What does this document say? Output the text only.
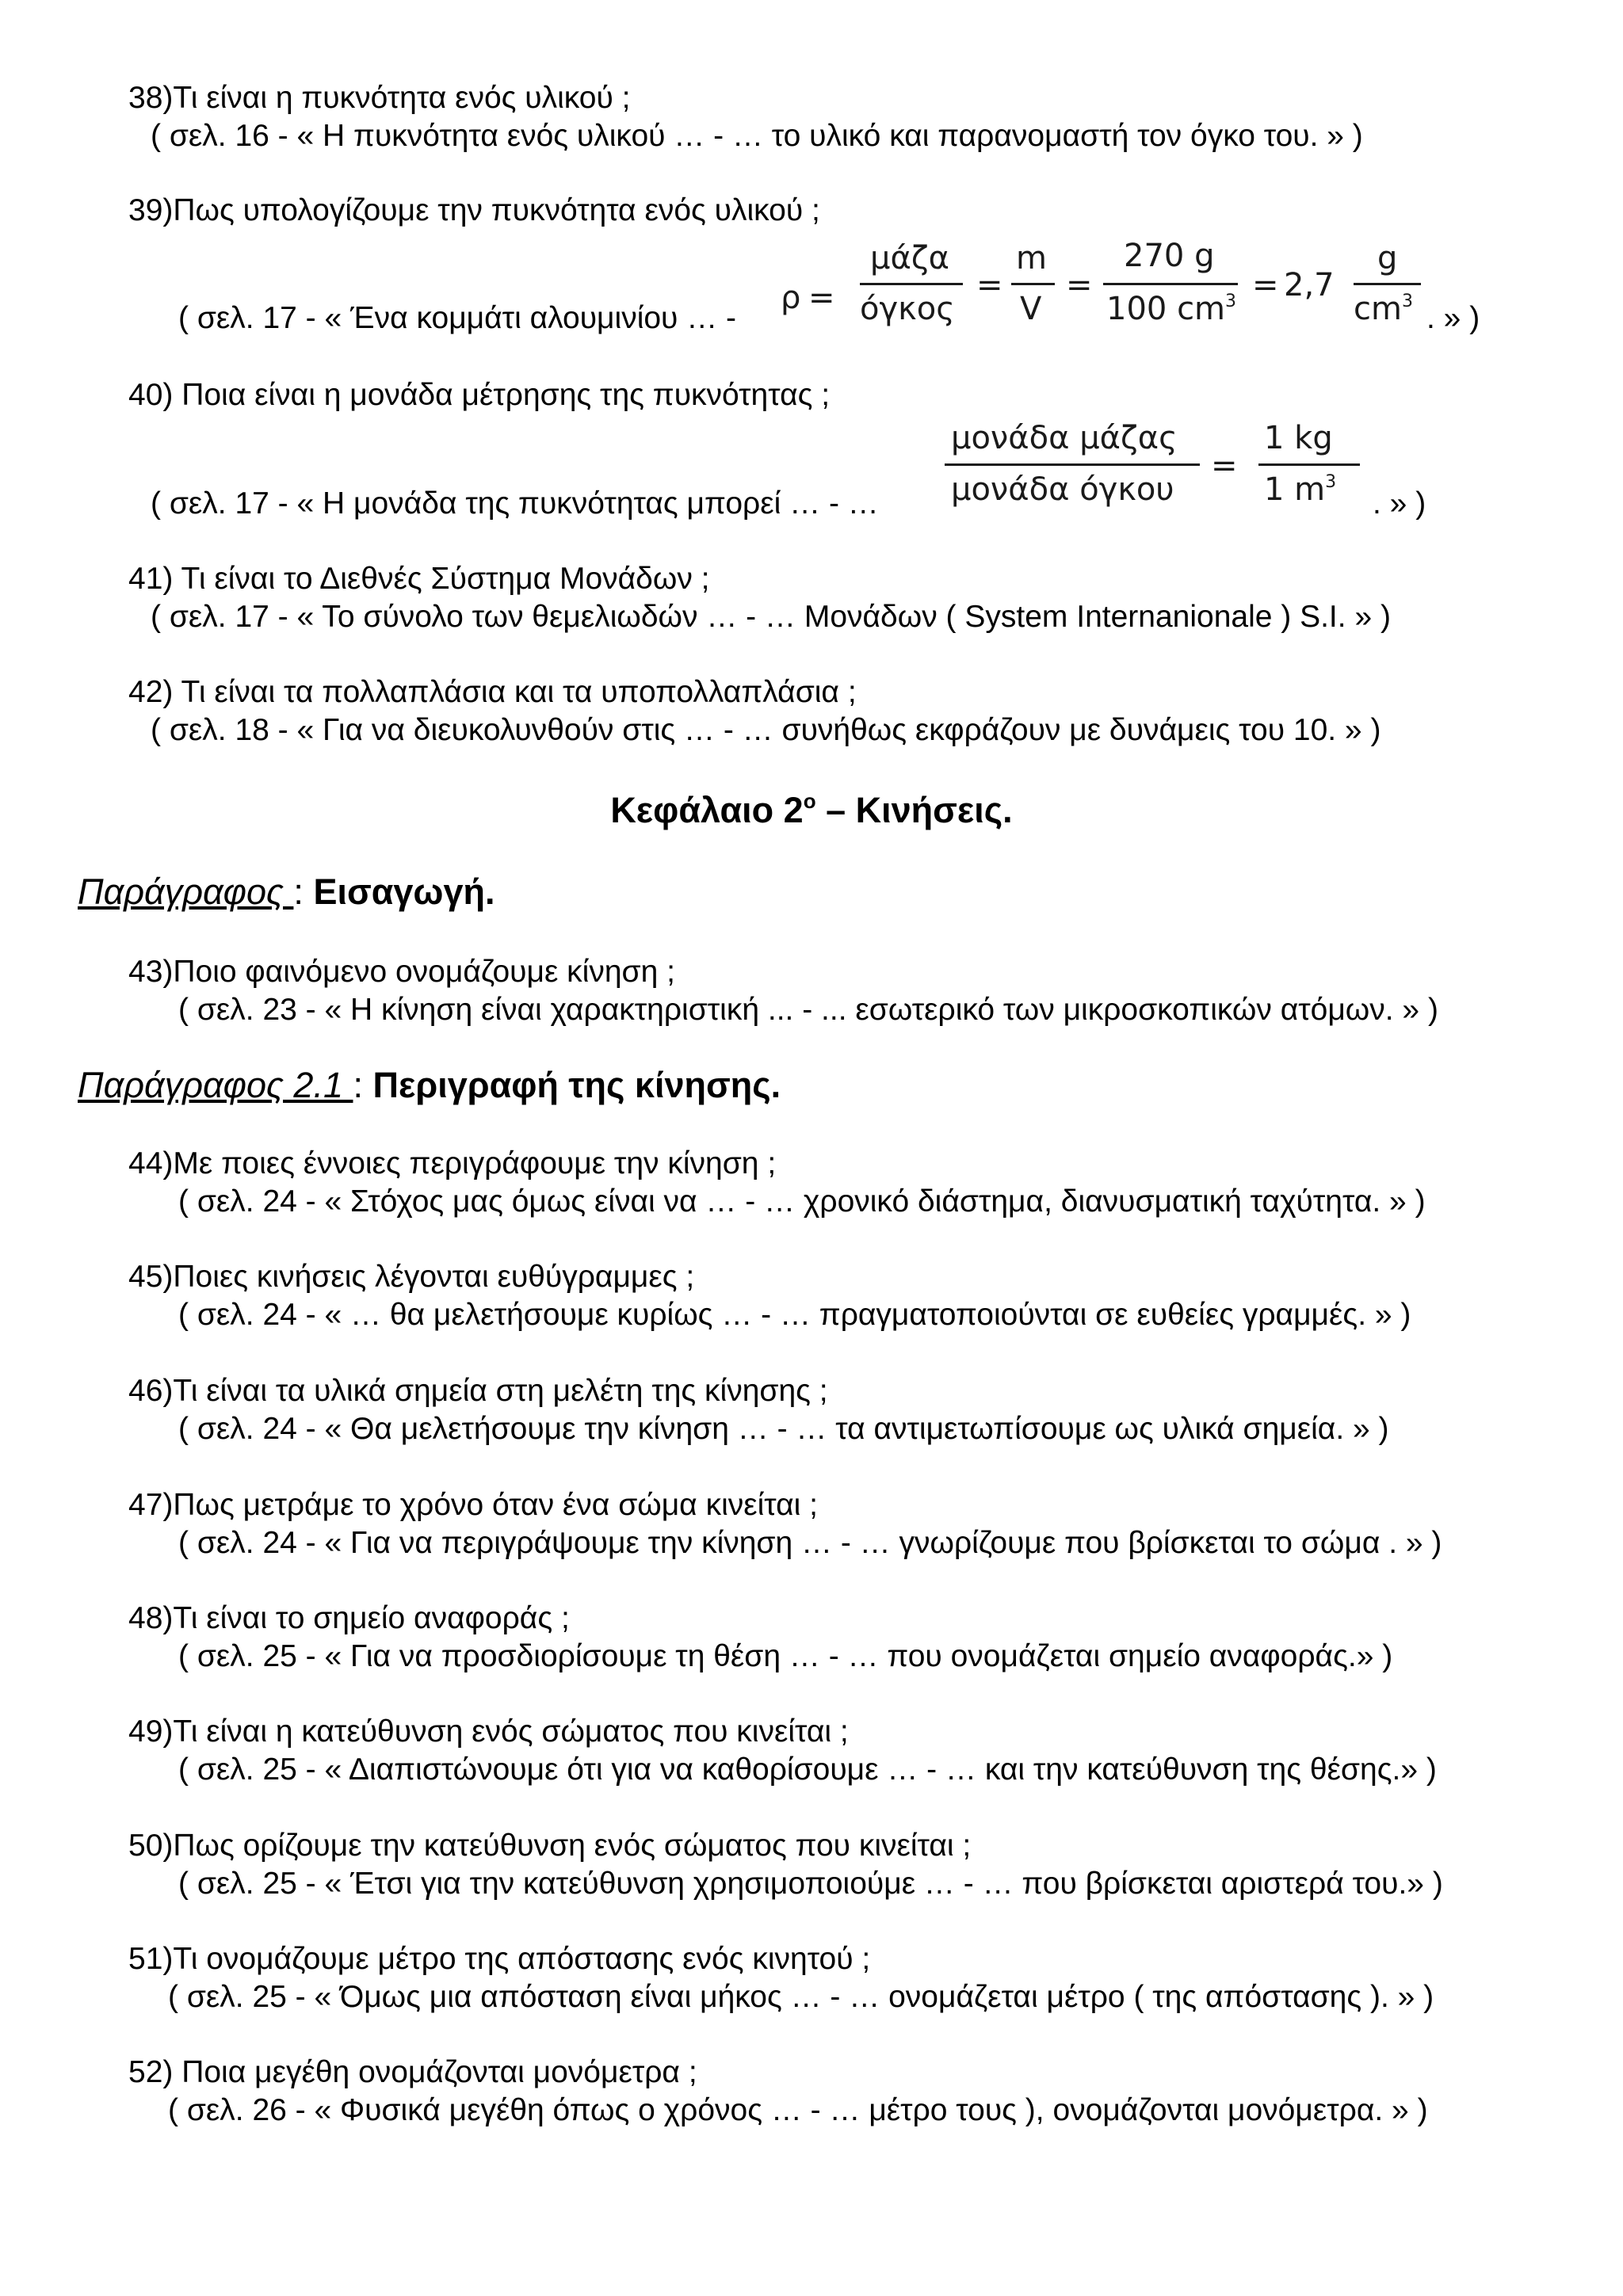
38)Τι είναι η πυκνότητα ενός υλικού ;
( σελ. 16 - « Η πυκνότητα ενός υλικού … - … το υλικό και παρανομαστή τον όγκο του. » )
39)Πως υπολογίζουμε την πυκνότητα ενός υλικού ;
( σελ. 17 - « Ένα κομμάτι αλουμινίου … -
ρ =
μάζα
όγκος
=
m
V
=
270 g
100 $cm^3 = 2,7$
g
$cm^3$ . » )
40) Ποια είναι η μονάδα μέτρησης της πυκνότητας ;
( σελ. 17 - « Η μονάδα της πυκνότητας μπορεί … - …
μονάδα μάζας
μονάδα όγκου
=
1 kg
1 $m^3$
. » )
41) Τι είναι το Διεθνές Σύστημα Μονάδων ;
( σελ. 17 - « Το σύνολο των θεμελιωδών … - … Μονάδων ( System Internanionale ) S.I. » )
42) Τι είναι τα πολλαπλάσια και τα υποπολλαπλάσια ;
( σελ. 18 - « Για να διευκολυνθούν στις … - … συνήθως εκφράζουν με δυνάμεις του 10. » )
Κεφάλαιο $2^o$ – Κινήσεις.
Παράγραφος : Εισαγωγή.
43)Ποιο φαινόμενο ονομάζουμε κίνηση ;
( σελ. 23 - « Η κίνηση είναι χαρακτηριστική ... - ... εσωτερικό των μικροσκοπικών ατόμων. » )
Παράγραφος 2.1 : Περιγραφή της κίνησης.
44)Με ποιες έννοιες περιγράφουμε την κίνηση ;
( σελ. 24 - « Στόχος μας όμως είναι να … - … χρονικό διάστημα, διανυσματική ταχύτητα. » )
45)Ποιες κινήσεις λέγονται ευθύγραμμες ;
( σελ. 24 - « … θα μελετήσουμε κυρίως … - … πραγματοποιούνται σε ευθείες γραμμές. » )
46)Τι είναι τα υλικά σημεία στη μελέτη της κίνησης ;
( σελ. 24 - « Θα μελετήσουμε την κίνηση … - … τα αντιμετωπίσουμε ως υλικά σημεία. » )
47)Πως μετράμε το χρόνο όταν ένα σώμα κινείται ;
( σελ. 24 - « Για να περιγράψουμε την κίνηση … - … γνωρίζουμε που βρίσκεται το σώμα . » )
48)Τι είναι το σημείο αναφοράς ;
( σελ. 25 - « Για να προσδιορίσουμε τη θέση … - … που ονομάζεται σημείο αναφοράς.» )
49)Τι είναι η κατεύθυνση ενός σώματος που κινείται ;
( σελ. 25 - « Διαπιστώνουμε ότι για να καθορίσουμε … - … και την κατεύθυνση της θέσης.» )
50)Πως ορίζουμε την κατεύθυνση ενός σώματος που κινείται ;
( σελ. 25 - « Έτσι για την κατεύθυνση χρησιμοποιούμε … - … που βρίσκεται αριστερά του.» )
51)Τι ονομάζουμε μέτρο της απόστασης ενός κινητού ;
( σελ. 25 - « Όμως μια απόσταση είναι μήκος … - … ονομάζεται μέτρο ( της απόστασης ). » )
52) Ποια μεγέθη ονομάζονται μονόμετρα ;
( σελ. 26 - « Φυσικά μεγέθη όπως ο χρόνος … - … μέτρο τους ), ονομάζονται μονόμετρα. » )
